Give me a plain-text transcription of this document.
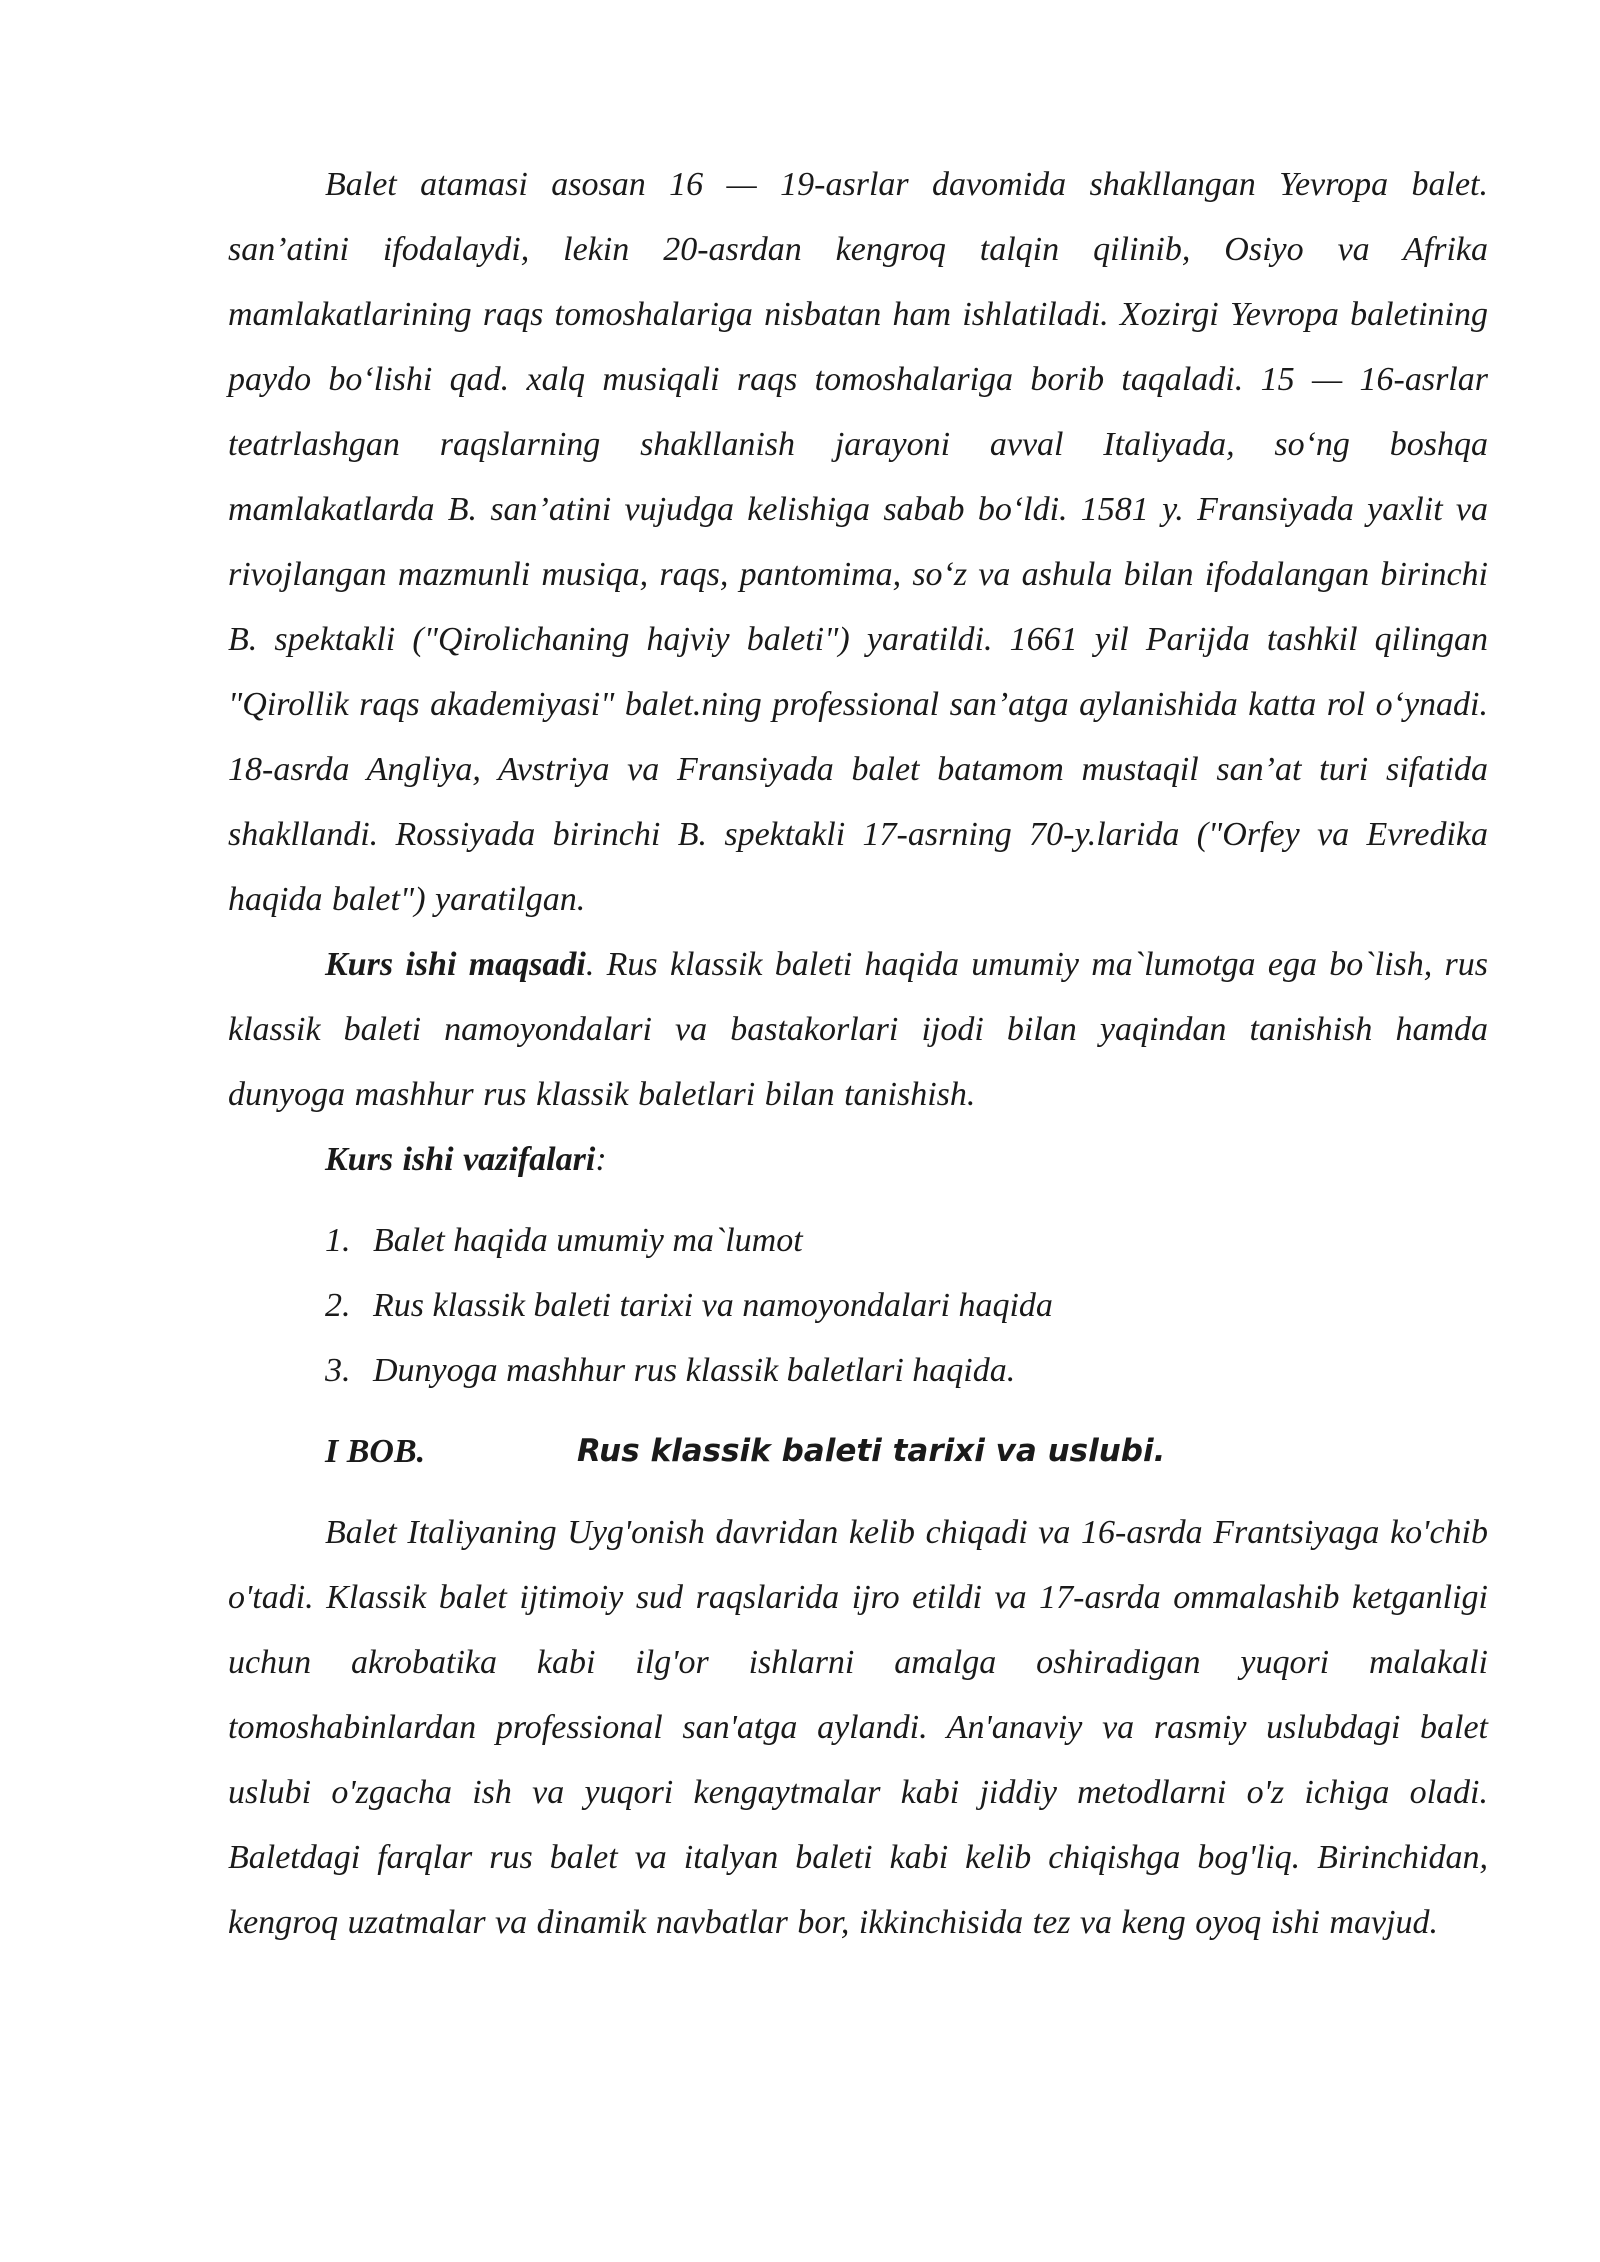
Balet atamasi asosan 16 — 19-asrlar davomida shakllangan Yevropa balet. san’atini ifodalaydi, lekin 20-asrdan kengroq talqin qilinib, Osiyo va Afrika mamlakatlarining raqs tomoshalariga nisbatan ham ishlatiladi. Xozirgi Yevropa baletining paydo bo‘lishi qad. xalq musiqali raqs tomoshalariga borib taqaladi. 15 — 16-asrlar teatrlashgan raqslarning shakllanish jarayoni avval Italiyada, so‘ng boshqa mamlakatlarda B. san’atini vujudga kelishiga sabab bo‘ldi. 1581 y. Fransiyada yaxlit va rivojlangan mazmunli musiqa, raqs, pantomima, so‘z va ashula bilan ifodalangan birinchi B. spektakli ("Qirolichaning hajviy baleti") yaratildi. 1661 yil Parijda tashkil qilingan "Qirollik raqs akademiyasi" balet.ning professional san’atga aylanishida katta rol o‘ynadi. 18-asrda Angliya, Avstriya va Fransiyada balet batamom mustaqil san’at turi sifatida shakllandi. Rossiyada birinchi B. spektakli 17-asrning 70-y.larida ("Orfey va Evredika haqida balet") yaratilgan.

Kurs ishi maqsadi. Rus klassik baleti haqida umumiy ma`lumotga ega bo`lish, rus klassik baleti namoyondalari va bastakorlari ijodi bilan yaqindan tanishish hamda dunyoga mashhur rus klassik baletlari bilan tanishish.

Kurs ishi vazifalari:

1. Balet haqida umumiy ma`lumot
2. Rus klassik baleti tarixi va namoyondalari haqida
3. Dunyoga mashhur rus klassik baletlari haqida.
I BOB.	Rus klassik baleti tarixi va uslubi.

Balet Italiyaning Uyg'onish davridan kelib chiqadi va 16-asrda Frantsiyaga ko'chib o'tadi. Klassik balet ijtimoiy sud raqslarida ijro etildi va 17-asrda ommalashib ketganligi uchun akrobatika kabi ilg'or ishlarni amalga oshiradigan yuqori malakali tomoshabinlardan professional san'atga aylandi. An'anaviy va rasmiy uslubdagi balet uslubi o'zgacha ish va yuqori kengaytmalar kabi jiddiy metodlarni o'z ichiga oladi. Baletdagi farqlar rus balet va italyan baleti kabi kelib chiqishga bog'liq. Birinchidan, kengroq uzatmalar va dinamik navbatlar bor, ikkinchisida tez va keng oyoq ishi mavjud.
